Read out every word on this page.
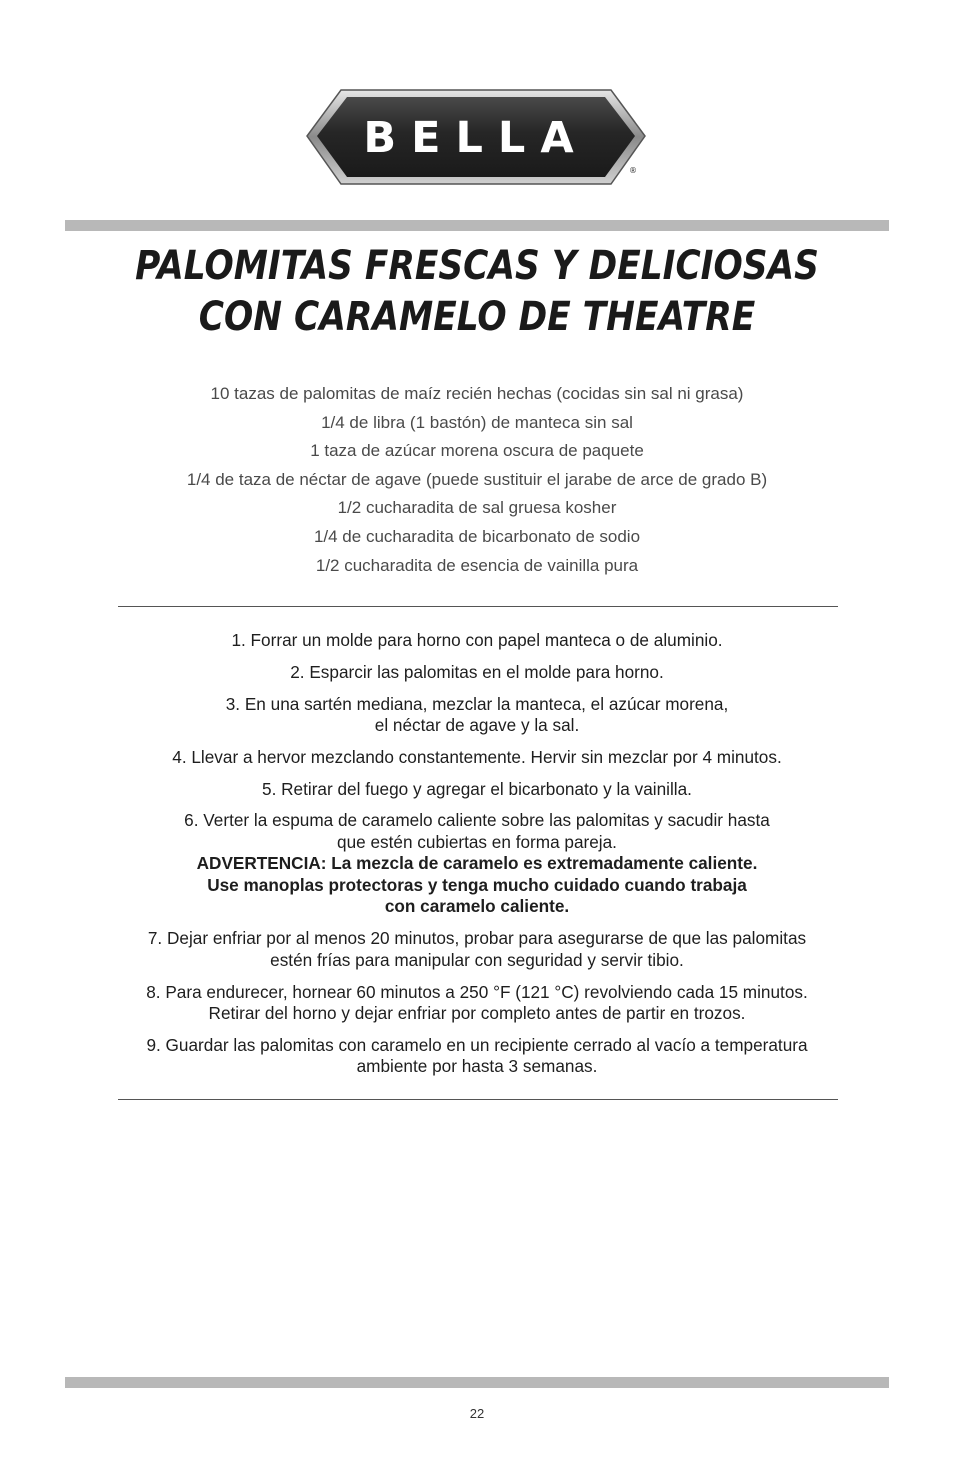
BELLA
®
PALOMITAS FRESCAS Y DELICIOSAS
CON CARAMELO DE THEATRE
10 tazas de palomitas de maíz recién hechas (cocidas sin sal ni grasa)
1/4 de libra (1 bastón) de manteca sin sal
1 taza de azúcar morena oscura de paquete
1/4 de taza de néctar de agave (puede sustituir el jarabe de arce de grado B)
1/2 cucharadita de sal gruesa kosher
1/4 de cucharadita de bicarbonato de sodio
1/2 cucharadita de esencia de vainilla pura
1. Forrar un molde para horno con papel manteca o de aluminio.
2. Esparcir las palomitas en el molde para horno.
3. En una sartén mediana, mezclar la manteca, el azúcar morena,
el néctar de agave y la sal.
4. Llevar a hervor mezclando constantemente. Hervir sin mezclar por 4 minutos.
5. Retirar del fuego y agregar el bicarbonato y la vainilla.
6. Verter la espuma de caramelo caliente sobre las palomitas y sacudir hasta
que estén cubiertas en forma pareja.
ADVERTENCIA: La mezcla de caramelo es extremadamente caliente.
Use manoplas protectoras y tenga mucho cuidado cuando trabaja
con caramelo caliente.
7. Dejar enfriar por al menos 20 minutos, probar para asegurarse de que las palomitas
estén frías para manipular con seguridad y servir tibio.
8. Para endurecer, hornear 60 minutos a 250 °F (121 °C) revolviendo cada 15 minutos.
Retirar del horno y dejar enfriar por completo antes de partir en trozos.
9. Guardar las palomitas con caramelo en un recipiente cerrado al vacío a temperatura
ambiente por hasta 3 semanas.
22
